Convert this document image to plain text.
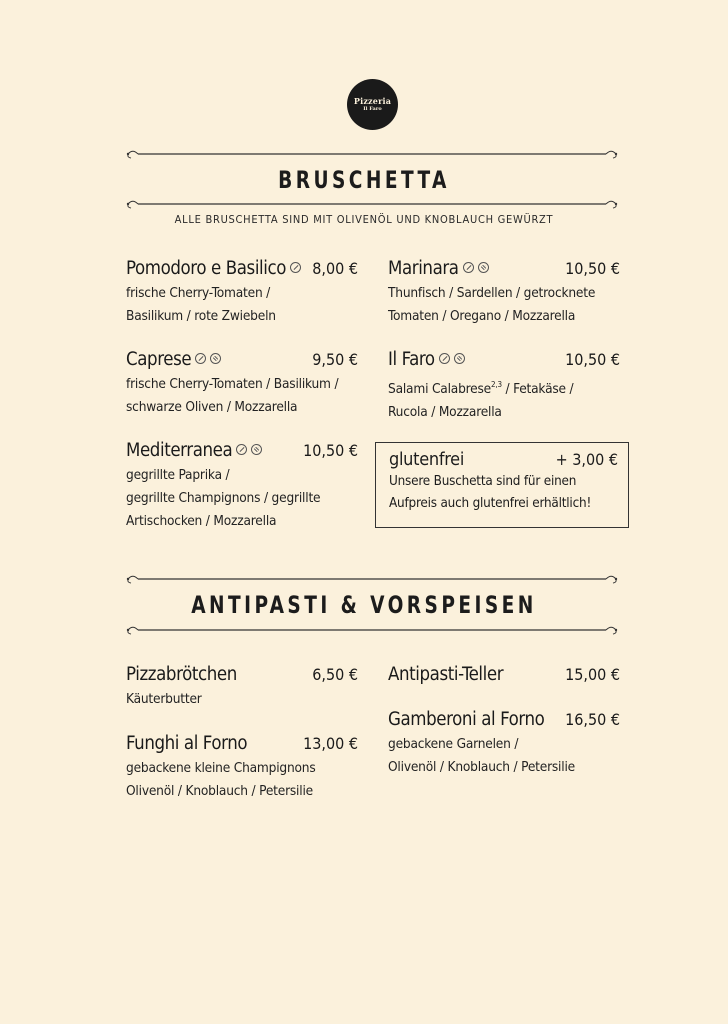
Pizzeria
Il Faro
BRUSCHETTA
ALLE BRUSCHETTA SIND MIT OLIVENÖL UND KNOBLAUCH GEWÜRZT
Pomodoro e Basilico	8,00 €
frische Cherry-Tomaten /
Basilikum / rote Zwiebeln
Marinara	10,50 €
Thunfisch / Sardellen / getrocknete
Tomaten / Oregano / Mozzarella
Caprese	9,50 €
frische Cherry-Tomaten / Basilikum /
schwarze Oliven / Mozzarella
Il Faro	10,50 €
Salami Calabrese$^{2,3}$ / Fetakäse /
Rucola / Mozzarella
Mediterranea	10,50 €
gegrillte Paprika /
gegrillte Champignons / gegrillte
Artischocken / Mozzarella
glutenfrei	+ 3,00 €
Unsere Buschetta sind für einen
Aufpreis auch glutenfrei erhältlich!
ANTIPASTI & VORSPEISEN
Pizzabrötchen	6,50 €
Käuterbutter
Antipasti-Teller	15,00 €
Gamberoni al Forno 16,50 €
gebackene Garnelen /
Olivenöl / Knoblauch / Petersilie
Funghi al Forno	13,00 €
gebackene kleine Champignons
Olivenöl / Knoblauch / Petersilie
